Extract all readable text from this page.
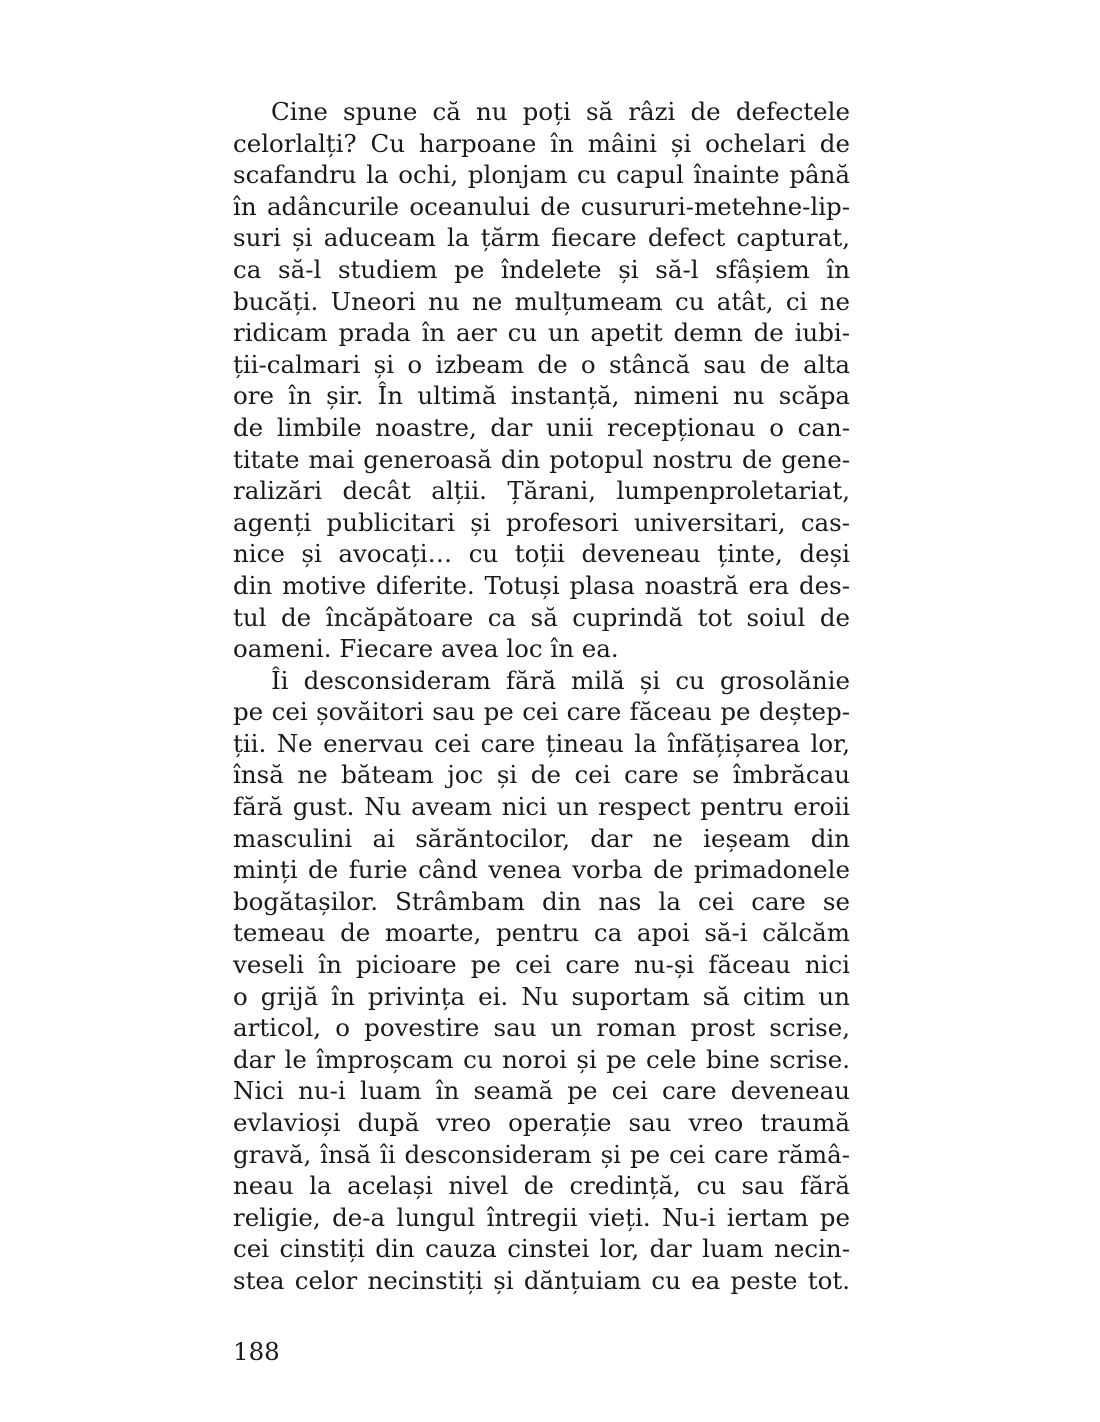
Cine spune că nu poți să râzi de defectele
celorlalți? Cu harpoane în mâini și ochelari de
scafandru la ochi, plonjam cu capul înainte până
în adâncurile oceanului de cusururi-metehne-lip-
suri și aduceam la țărm fiecare defect capturat,
ca să-l studiem pe îndelete și să-l sfâșiem în
bucăți. Uneori nu ne mulțumeam cu atât, ci ne
ridicam prada în aer cu un apetit demn de iubi-
ții-calmari și o izbeam de o stâncă sau de alta
ore în șir. În ultimă instanță, nimeni nu scăpa
de limbile noastre, dar unii recepționau o can-
titate mai generoasă din potopul nostru de gene-
ralizări decât alții. Țărani, lumpenproletariat,
agenți publicitari și profesori universitari, cas-
nice și avocați… cu toții deveneau ținte, deși
din motive diferite. Totuși plasa noastră era des-
tul de încăpătoare ca să cuprindă tot soiul de
oameni. Fiecare avea loc în ea.
Îi desconsideram fără milă și cu grosolănie
pe cei șovăitori sau pe cei care făceau pe deștep-
ții. Ne enervau cei care țineau la înfățișarea lor,
însă ne băteam joc și de cei care se îmbrăcau
fără gust. Nu aveam nici un respect pentru eroii
masculini ai sărăntocilor, dar ne ieșeam din
minți de furie când venea vorba de primadonele
bogătașilor. Strâmbam din nas la cei care se
temeau de moarte, pentru ca apoi să-i călcăm
veseli în picioare pe cei care nu-și făceau nici
o grijă în privința ei. Nu suportam să citim un
articol, o povestire sau un roman prost scrise,
dar le împroșcam cu noroi și pe cele bine scrise.
Nici nu-i luam în seamă pe cei care deveneau
evlavioși după vreo operație sau vreo traumă
gravă, însă îi desconsideram și pe cei care rămâ-
neau la același nivel de credință, cu sau fără
religie, de-a lungul întregii vieți. Nu-i iertam pe
cei cinstiți din cauza cinstei lor, dar luam necin-
stea celor necinstiți și dănțuiam cu ea peste tot.
188
